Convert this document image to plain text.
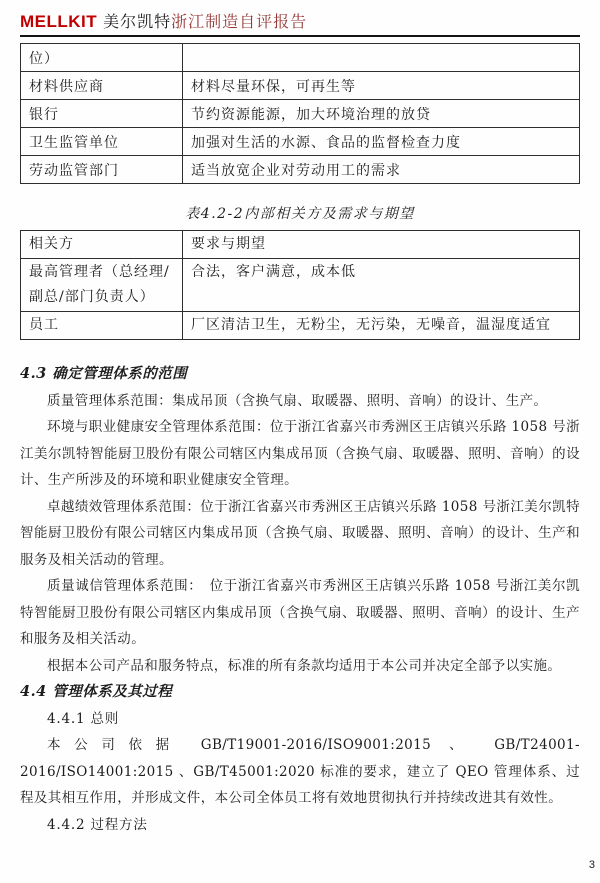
MELLKIT 美尔凯特 浙江制造自评报告
位）	
材料供应商	材料尽量环保，可再生等
银行	节约资源能源，加大环境治理的放贷
卫生监管单位	加强对生活的水源、食品的监督检查力度
劳动监管部门	适当放宽企业对劳动用工的需求
表4.2-2内部相关方及需求与期望
相关方	要求与期望
最高管理者（总经理/副总/部门负责人）	合法，客户满意，成本低
员工	厂区清洁卫生，无粉尘，无污染，无噪音，温湿度适宜

4.3 确定管理体系的范围

质量管理体系范围：集成吊顶（含换气扇、取暖器、照明、音响）的设计、生产。

环境与职业健康安全管理体系范围：位于浙江省嘉兴市秀洲区王店镇兴乐路 1058 号浙江美尔凯特智能厨卫股份有限公司辖区内集成吊顶（含换气扇、取暖器、照明、音响）的设计、生产所涉及的环境和职业健康安全管理。

卓越绩效管理体系范围：位于浙江省嘉兴市秀洲区王店镇兴乐路 1058 号浙江美尔凯特智能厨卫股份有限公司辖区内集成吊顶（含换气扇、取暖器、照明、音响）的设计、生产和服务及相关活动的管理。

质量诚信管理体系范围：　位于浙江省嘉兴市秀洲区王店镇兴乐路 1058 号浙江美尔凯特智能厨卫股份有限公司辖区内集成吊顶（含换气扇、取暖器、照明、音响）的设计、生产和服务及相关活动。

根据本公司产品和服务特点，标准的所有条款均适用于本公司并决定全部予以实施。

4.4 管理体系及其过程

4.4.1 总则

本公司依据 GB/T19001-2016/ISO9001:2015 、 GB/T24001-2016/ISO14001:2015 、GB/T45001:2020 标准的要求，建立了 QEO 管理体系、过程及其相互作用，并形成文件，本公司全体员工将有效地贯彻执行并持续改进其有效性。

4.4.2 过程方法

3
